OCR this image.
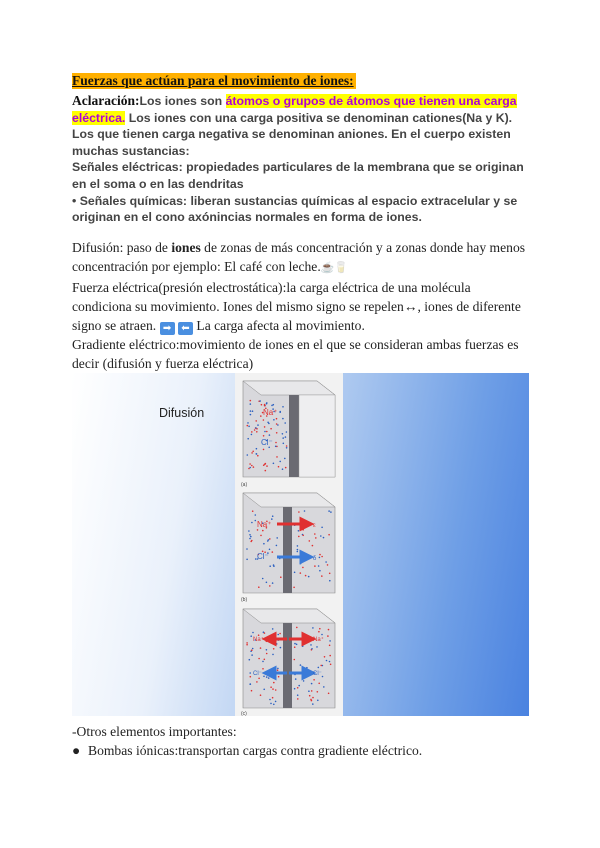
Fuerzas que actúan para el movimiento de iones:

Aclaración:Los iones son átomos o grupos de átomos que tienen una carga eléctrica. Los iones con una carga positiva se denominan cationes(Na y K). Los que tienen carga negativa se denominan aniones. En el cuerpo existen muchas sustancias:

Señales eléctricas: propiedades particulares de la membrana que se originan en el soma o en las dendritas

• Señales químicas: liberan sustancias químicas al espacio extracelular y se originan en el cono axónincias normales en forma de iones.

Difusión: paso de iones de zonas de más concentración y a zonas donde hay menos concentración por ejemplo: El café con leche.☕🥛

Fuerza eléctrica(presión electrostática):la carga eléctrica de una molécula condiciona su movimiento. Iones del mismo signo se repelen↔, iones de diferente signo se atraen. ➡ ⬅ La carga afecta al movimiento.

Gradiente eléctrico:movimiento de iones en el que se consideran ambas fuerzas es decir (difusión y fuerza eléctrica)

Difusión	Na⁺
Cl⁻
(a)
Na⁺	ε
Cl⁻	δ
(b)
Na⁺	Na⁺
Cl⁻	Cl⁻
(c)

-Otros elementos importantes:

● Bombas iónicas:transportan cargas contra gradiente eléctrico.
